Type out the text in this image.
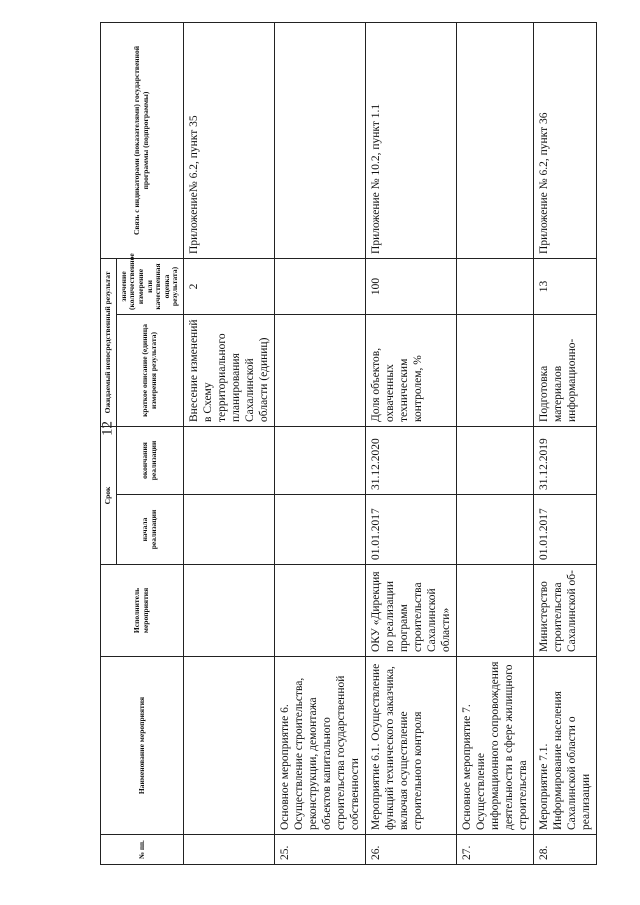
12
№ пп.	Наименование мероприятия	Исполнитель мероприятия	Срок		Ожидаемый непосредственный результат		Связь с индикаторами (показателями) государственной программы (подпрограммы)
			начала реализации	окончания реализации	краткое описание (единица измерения результата)	значение (количественное измерение или качественная оценка результата)	
					Внесение изменений в Схему территориального планирования Сахалинской области (единиц)	2	Приложение№ 6.2, пункт 35
25.	Основное мероприятие 6. Осуществление строительства, реконструкции, демонтажа объектов капитального строительства государственной собственности						
26.	Мероприятие 6.1. Осуществление функций технического заказчика, включая осуществление строительного контроля	ОКУ «Дирекция по реализации программ строительства Сахалинской области»	01.01.2017	31.12.2020	Доля объектов, охваченных техническим контролем, %	100	Приложение № 10.2, пункт 1.1
27.	Основное мероприятие 7. Осуществление информационного сопровождения деятельности в сфере жилищного строительства						
28.	Мероприятие 7.1. Информирование населения Сахалинской области о реализации	Министерство строительства Сахалинской об-	01.01.2017	31.12.2019	Подготовка материалов информационно-	13	Приложение № 6.2, пункт 36
